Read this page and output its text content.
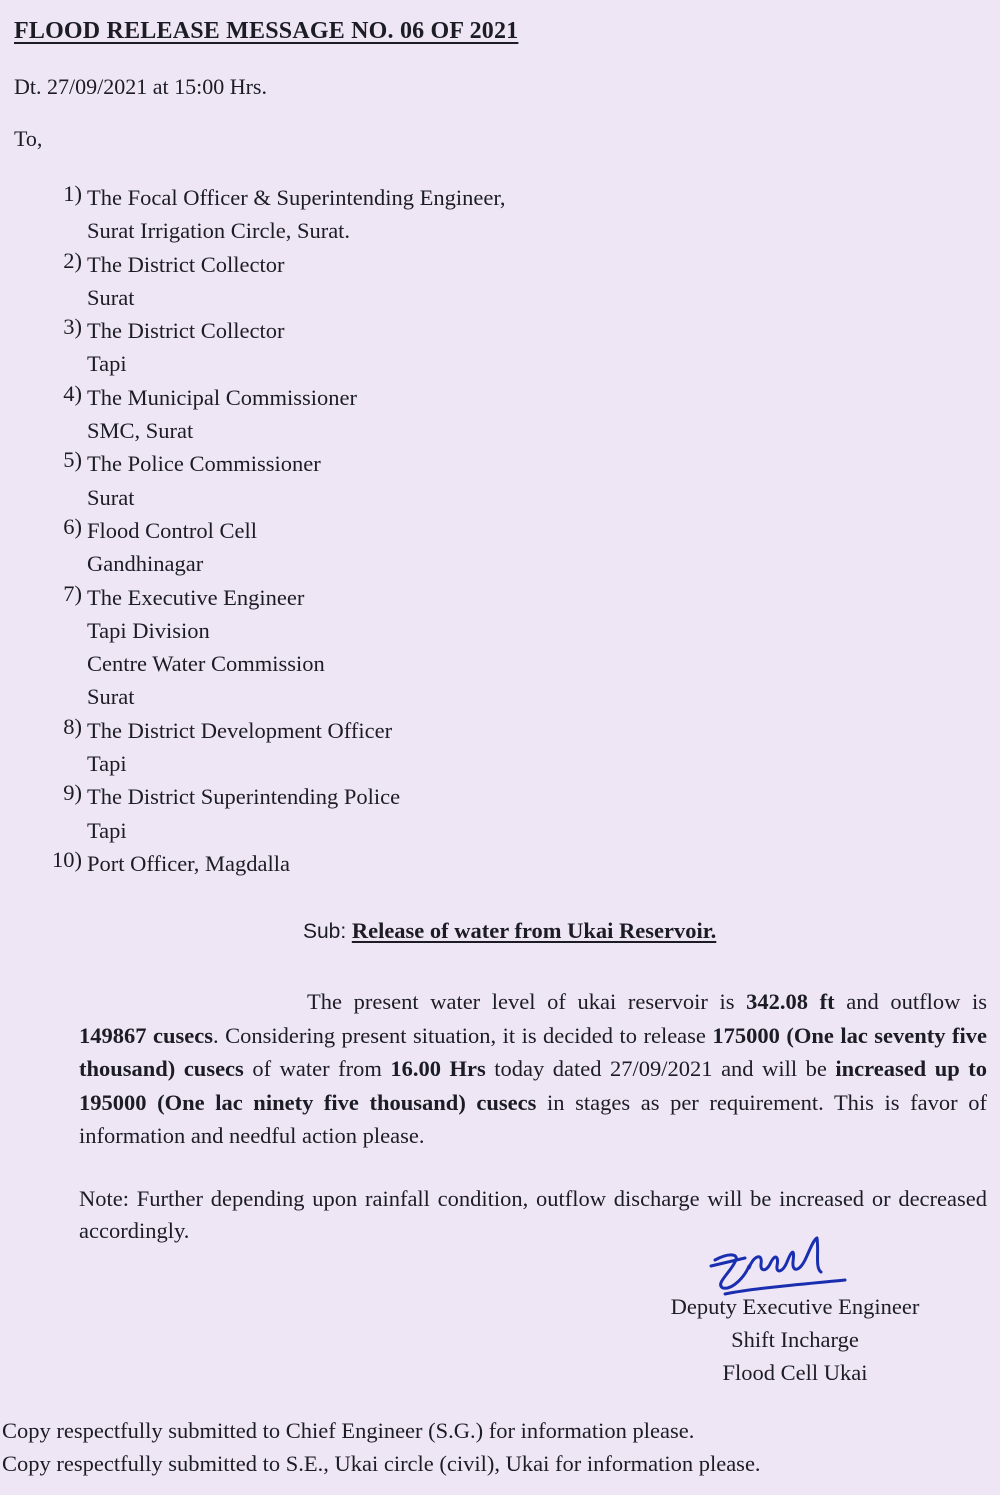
FLOOD RELEASE MESSAGE NO. 06 OF 2021
Dt. 27/09/2021 at 15:00 Hrs.
To,
1) The Focal Officer & Superintending Engineer,
Surat Irrigation Circle, Surat.
2) The District Collector
Surat
3) The District Collector
Tapi
4) The Municipal Commissioner
SMC, Surat
5) The Police Commissioner
Surat
6) Flood Control Cell
Gandhinagar
7) The Executive Engineer
Tapi Division
Centre Water Commission
Surat
8) The District Development Officer
Tapi
9) The District Superintending Police
Tapi
10) Port Officer, Magdalla
Sub: Release of water from Ukai Reservoir.
The present water level of ukai reservoir is 342.08 ft and outflow is 149867 cusecs. Considering present situation, it is decided to release 175000 (One lac seventy five thousand) cusecs of water from 16.00 Hrs today dated 27/09/2021 and will be increased up to 195000 (One lac ninety five thousand) cusecs in stages as per requirement. This is favor of information and needful action please.
Note: Further depending upon rainfall condition, outflow discharge will be increased or decreased accordingly.
Deputy Executive Engineer
Shift Incharge
Flood Cell Ukai
Copy respectfully submitted to Chief Engineer (S.G.) for information please.
Copy respectfully submitted to S.E., Ukai circle (civil), Ukai for information please.
